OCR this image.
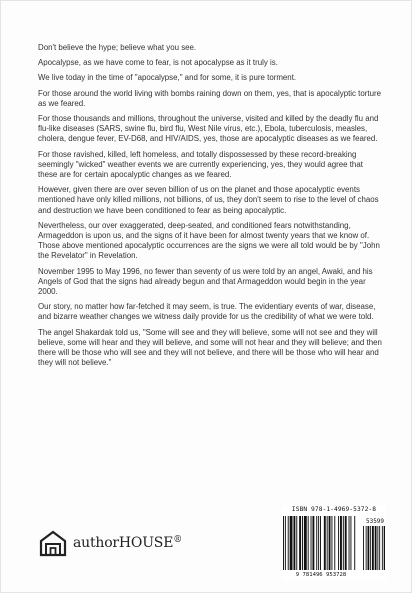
Don't believe the hype; believe what you see.

Apocalypse, as we have come to fear, is not apocalypse as it truly is.

We live today in the time of "apocalypse," and for some, it is pure torment.

For those around the world living with bombs raining down on them, yes, that is apocalyptic torture as we feared.

For those thousands and millions, throughout the universe, visited and killed by the deadly flu and flu-like diseases (SARS, swine flu, bird flu, West Nile virus, etc.), Ebola, tuberculosis, measles, cholera, dengue fever, EV-D68, and HIV/AIDS, yes, those are apocalyptic diseases as we feared.

For those ravished, killed, left homeless, and totally dispossessed by these record-breaking seemingly "wicked" weather events we are currently experiencing, yes, they would agree that these are for certain apocalyptic changes as we feared.

However, given there are over seven billion of us on the planet and those apocalyptic events mentioned have only killed millions, not billions, of us, they don't seem to rise to the level of chaos and destruction we have been conditioned to fear as being apocalyptic.

Nevertheless, our over exaggerated, deep-seated, and conditioned fears notwithstanding, Armageddon is upon us, and the signs of it have been for almost twenty years that we know of. Those above mentioned apocalyptic occurrences are the signs we were all told would be by "John the Revelator" in Revelation.

November 1995 to May 1996, no fewer than seventy of us were told by an angel, Awaki, and his Angels of God that the signs had already begun and that Armageddon would begin in the year 2000.

Our story, no matter how far-fetched it may seem, is true. The evidentiary events of war, disease, and bizarre weather changes we witness daily provide for us the credibility of what we were told.

The angel Shakardak told us, "Some will see and they will believe, some will not see and they will believe, some will hear and they will believe, and some will not hear and they will believe; and then there will be those who will see and they will not believe, and there will be those who will hear and they will not believe."

authorHOUSE®
ISBN 978-1-4969-5372-8
53599
9 781496 953728
